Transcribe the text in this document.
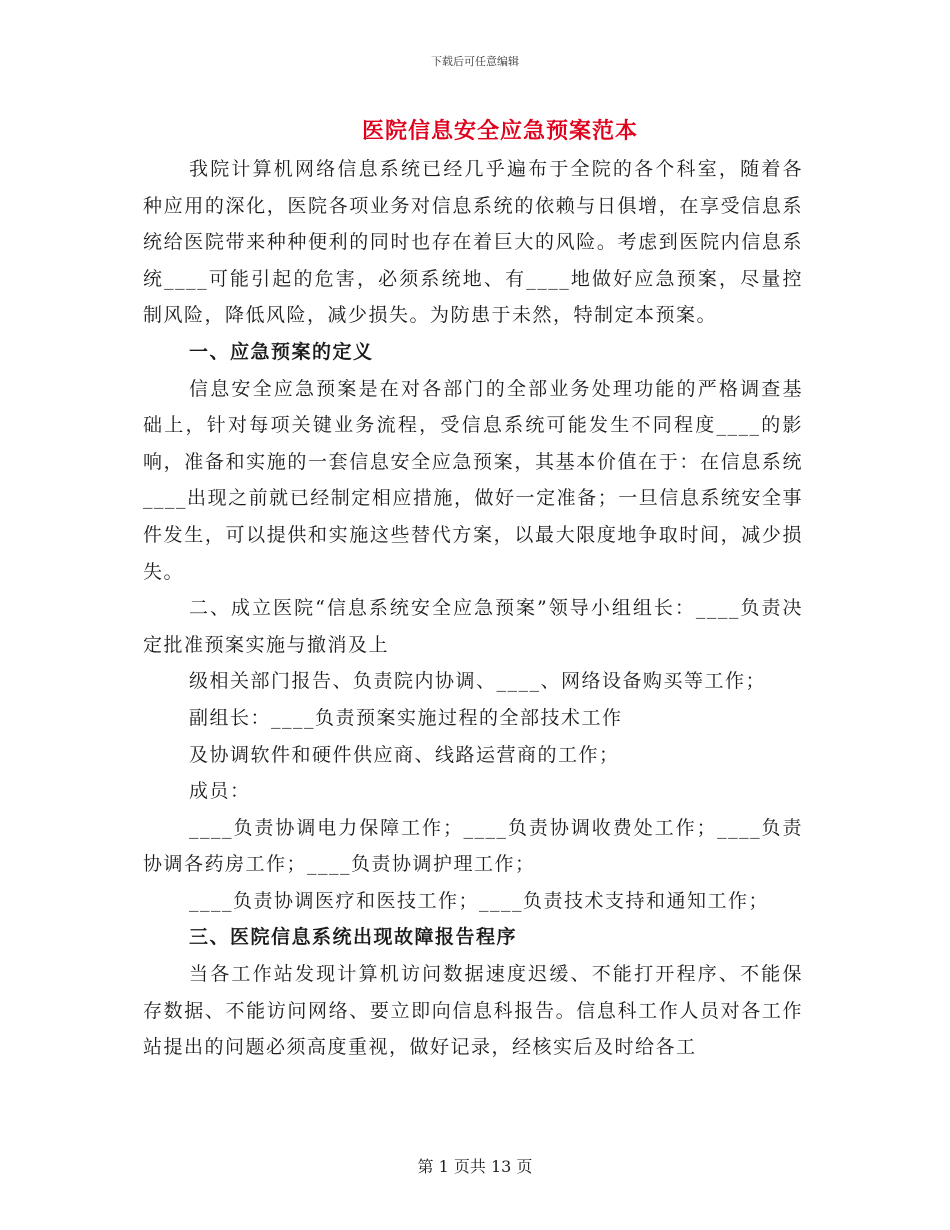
下载后可任意编辑
医院信息安全应急预案范本

我院计算机网络信息系统已经几乎遍布于全院的各个科室，随着各种应用的深化，医院各项业务对信息系统的依赖与日俱增，在享受信息系统给医院带来种种便利的同时也存在着巨大的风险。考虑到医院内信息系统____可能引起的危害，必须系统地、有____地做好应急预案，尽量控制风险，降低风险，减少损失。为防患于未然，特制定本预案。

一、应急预案的定义

信息安全应急预案是在对各部门的全部业务处理功能的严格调查基础上，针对每项关键业务流程，受信息系统可能发生不同程度____的影响，准备和实施的一套信息安全应急预案，其基本价值在于：在信息系统____出现之前就已经制定相应措施，做好一定准备；一旦信息系统安全事件发生，可以提供和实施这些替代方案，以最大限度地争取时间，减少损失。

二、成立医院“信息系统安全应急预案”领导小组组长：____负责决定批准预案实施与撤消及上

级相关部门报告、负责院内协调、____、网络设备购买等工作；

副组长：____负责预案实施过程的全部技术工作

及协调软件和硬件供应商、线路运营商的工作；

成员：

____负责协调电力保障工作；____负责协调收费处工作；____负责协调各药房工作；____负责协调护理工作；

____负责协调医疗和医技工作；____负责技术支持和通知工作；

三、医院信息系统出现故障报告程序

当各工作站发现计算机访问数据速度迟缓、不能打开程序、不能保存数据、不能访问网络、要立即向信息科报告。信息科工作人员对各工作站提出的问题必须高度重视，做好记录，经核实后及时给各工

第 1 页共 13 页
